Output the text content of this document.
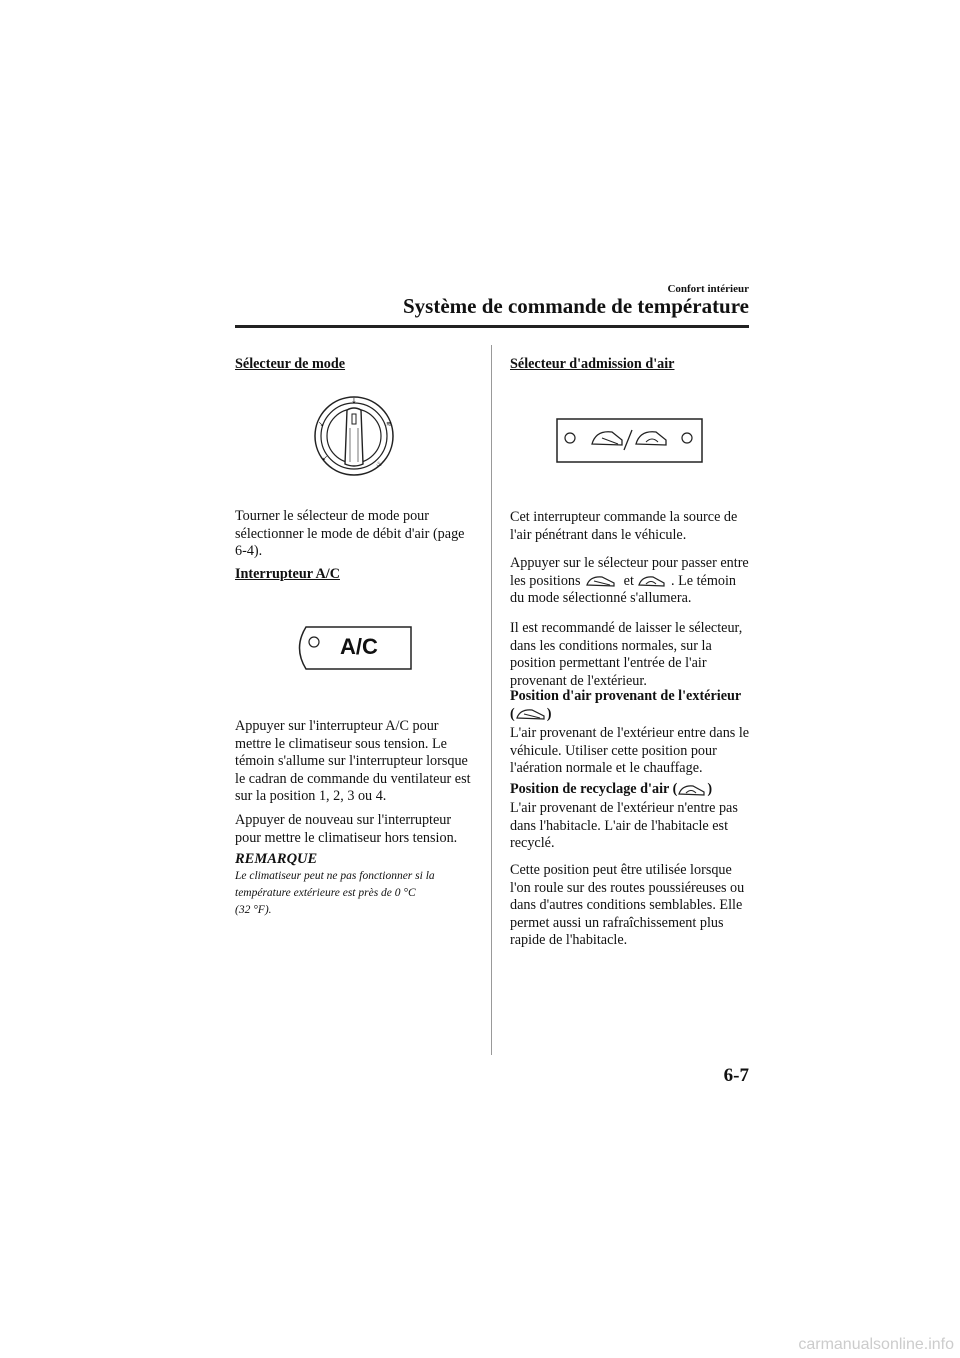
Confort intérieur
Système de commande de température
Sélecteur de mode
↓
↘	≋
↙
♨
Tourner le sélecteur de mode pour
sélectionner le mode de débit d'air (page
6-4).
Interrupteur A/C
A/C
Appuyer sur l'interrupteur A/C pour
mettre le climatiseur sous tension. Le
témoin s'allume sur l'interrupteur lorsque
le cadran de commande du ventilateur est
sur la position 1, 2, 3 ou 4.
Appuyer de nouveau sur l'interrupteur
pour mettre le climatiseur hors tension.
REMARQUE
Le climatiseur peut ne pas fonctionner si la
température extérieure est près de 0 °C
(32 °F).
Sélecteur d'admission d'air
Cet interrupteur commande la source de
l'air pénétrant dans le véhicule.
Appuyer sur le sélecteur pour passer entre
les positions	et	. Le témoin
du mode sélectionné s'allumera.
Il est recommandé de laisser le sélecteur,
dans les conditions normales, sur la
position permettant l'entrée de l'air
provenant de l'extérieur.
Position d'air provenant de l'extérieur
( )
L'air provenant de l'extérieur entre dans le
véhicule. Utiliser cette position pour
l'aération normale et le chauffage.
Position de recyclage d'air ( )
L'air provenant de l'extérieur n'entre pas
dans l'habitacle. L'air de l'habitacle est
recyclé.
Cette position peut être utilisée lorsque
l'on roule sur des routes poussiéreuses ou
dans d'autres conditions semblables. Elle
permet aussi un rafraîchissement plus
rapide de l'habitacle.
6-7
carmanualsonline.info
